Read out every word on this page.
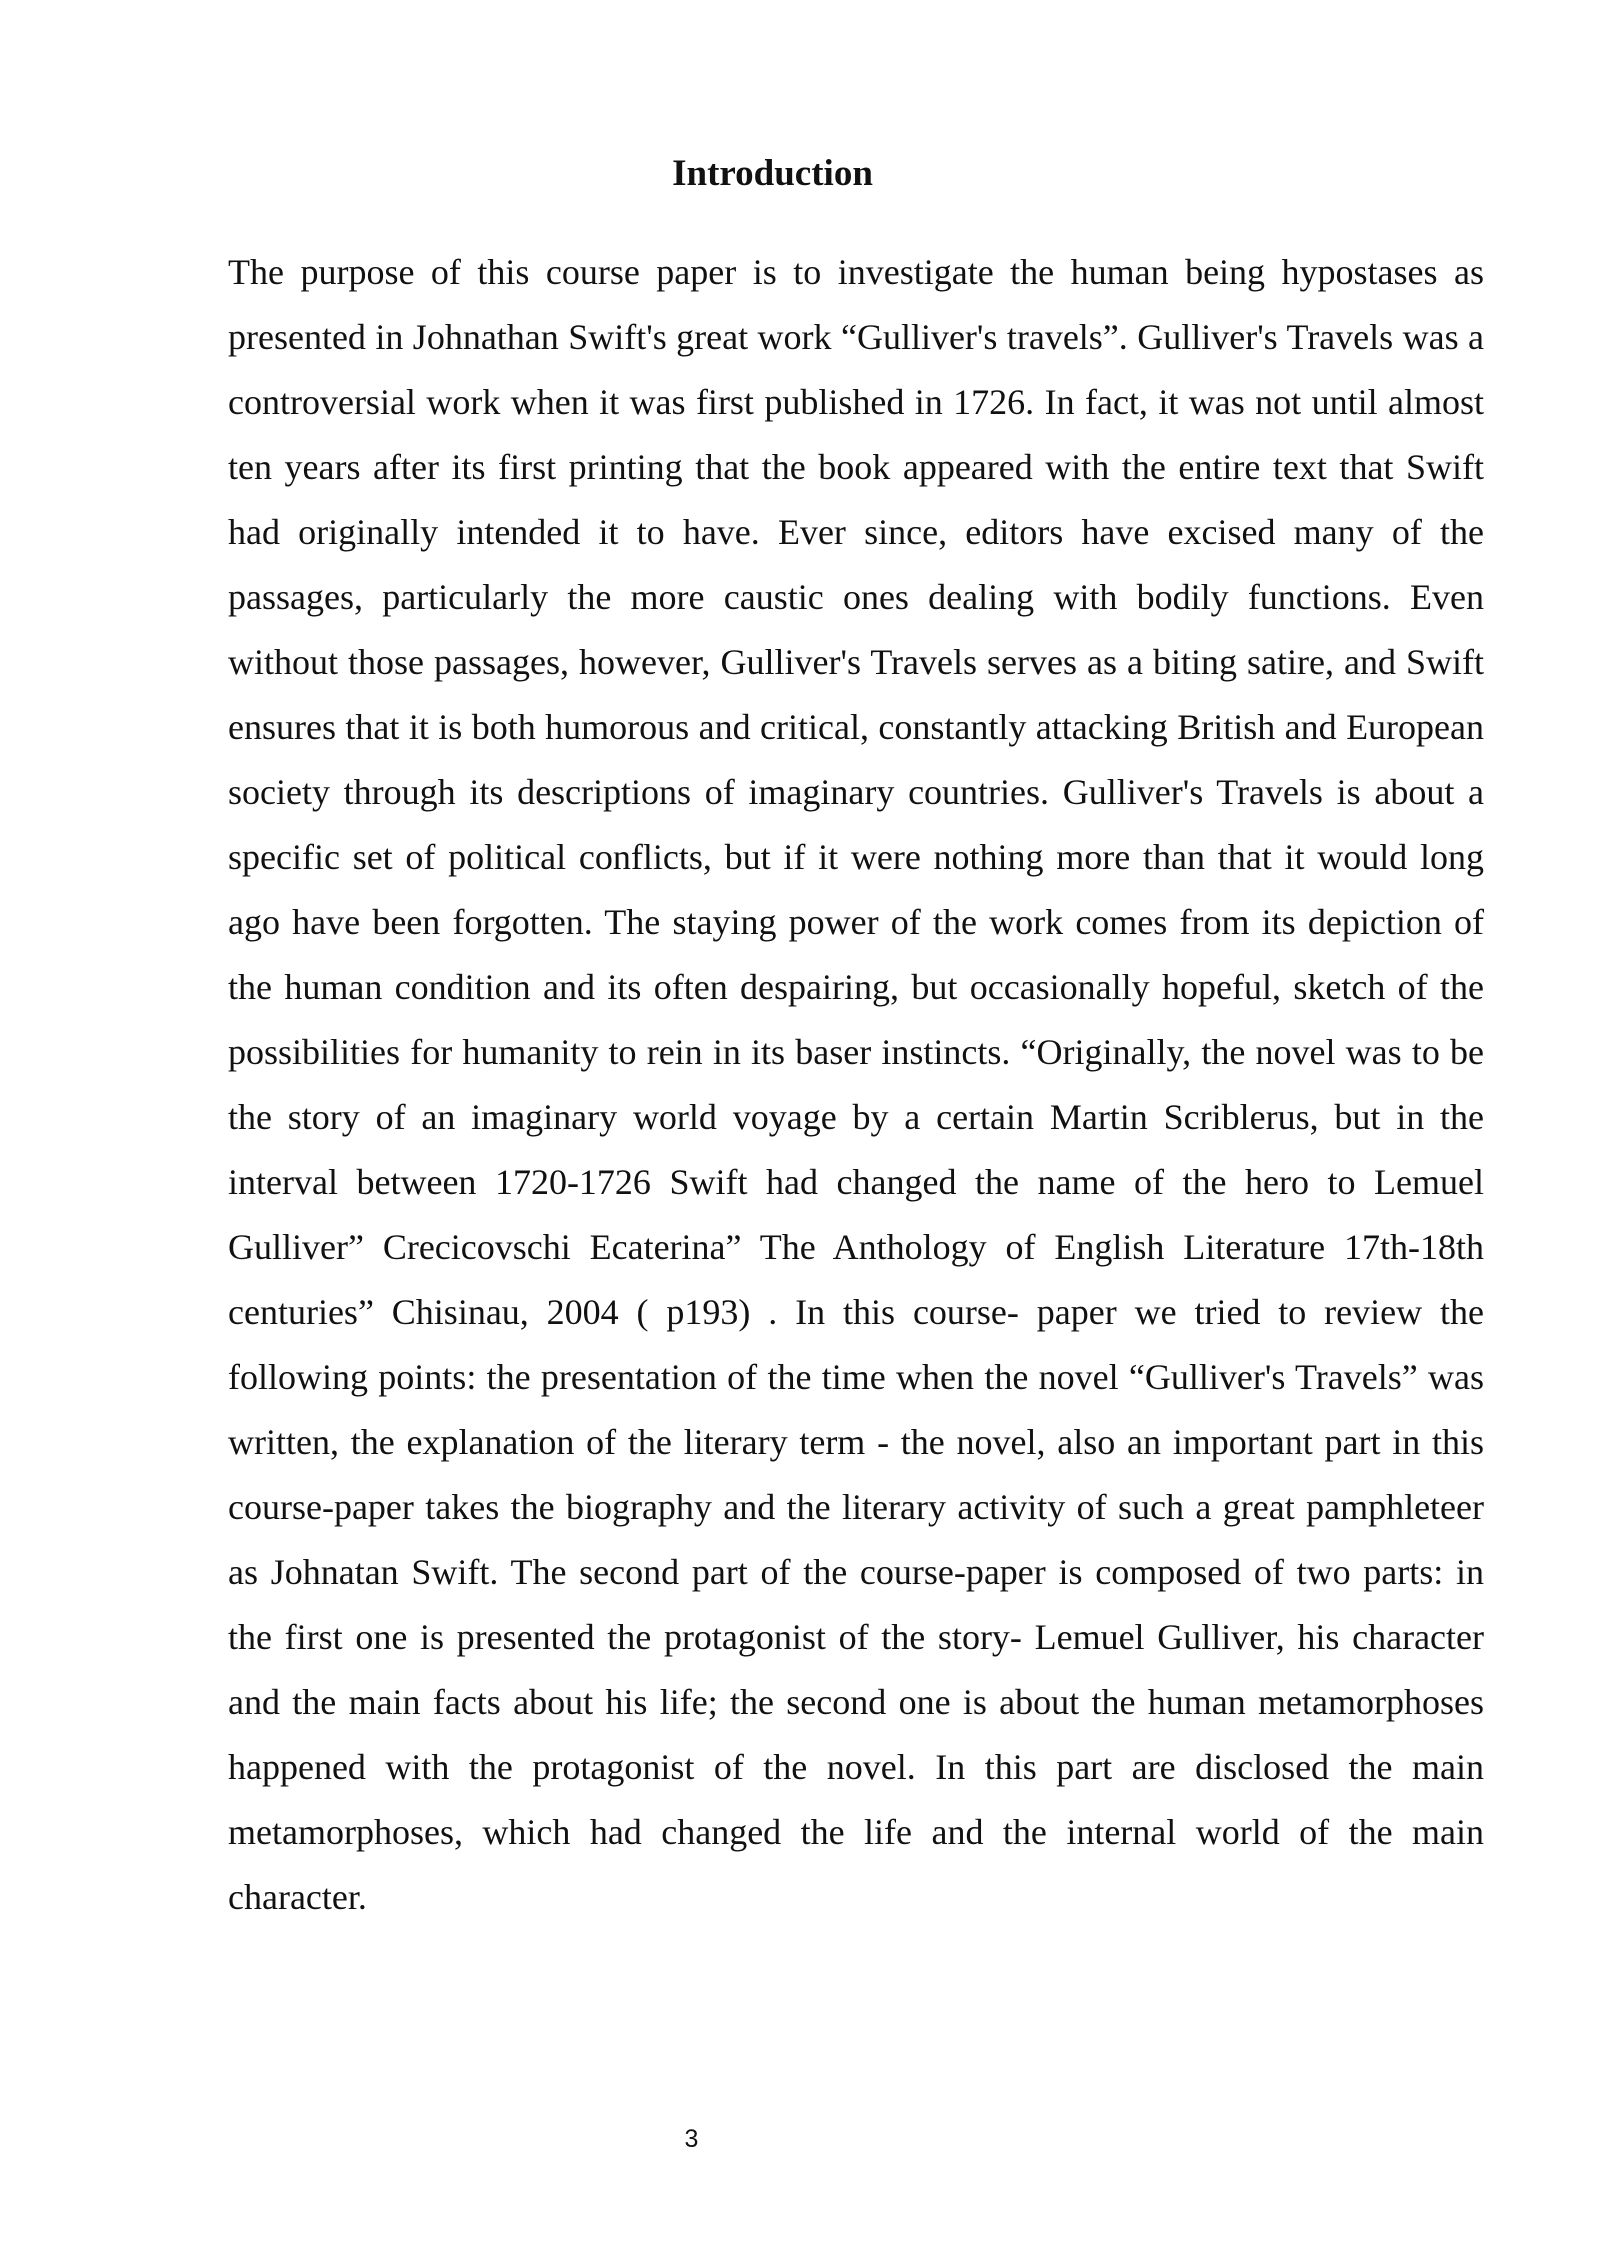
Introduction

The purpose of this course paper is to investigate the human being hypostases as presented in Johnathan Swift's great work “Gulliver's travels”. Gulliver's Travels was a controversial work when it was first published in 1726. In fact, it was not until almost ten years after its first printing that the book appeared with the entire text that Swift had originally intended it to have. Ever since, editors have excised many of the passages, particularly the more caustic ones dealing with bodily functions. Even without those passages, however, Gulliver's Travels serves as a biting satire, and Swift ensures that it is both humorous and critical, constantly attacking British and European society through its descriptions of imaginary countries. Gulliver's Travels is about a specific set of political conflicts, but if it were nothing more than that it would long ago have been forgotten. The staying power of the work comes from its depiction of the human condition and its often despairing, but occasionally hopeful, sketch of the possibilities for humanity to rein in its baser instincts. “Originally, the novel was to be the story of an imaginary world voyage by a certain Martin Scriblerus, but in the interval between 1720-1726 Swift had changed the name of the hero to Lemuel Gulliver” Crecicovschi Ecaterina” The Anthology of English Literature 17th-18th centuries” Chisinau, 2004 ( p193) . In this course- paper we tried to review the following points: the presentation of the time when the novel “Gulliver's Travels” was written, the explanation of the literary term - the novel, also an important part in this course-paper takes the biography and the literary activity of such a great pamphleteer as Johnatan Swift. The second part of the course-paper is composed of two parts: in the first one is presented the protagonist of the story- Lemuel Gulliver, his character and the main facts about his life; the second one is about the human metamorphoses happened with the protagonist of the novel. In this part are disclosed the main metamorphoses, which had changed the life and the internal world of the main character.

3
